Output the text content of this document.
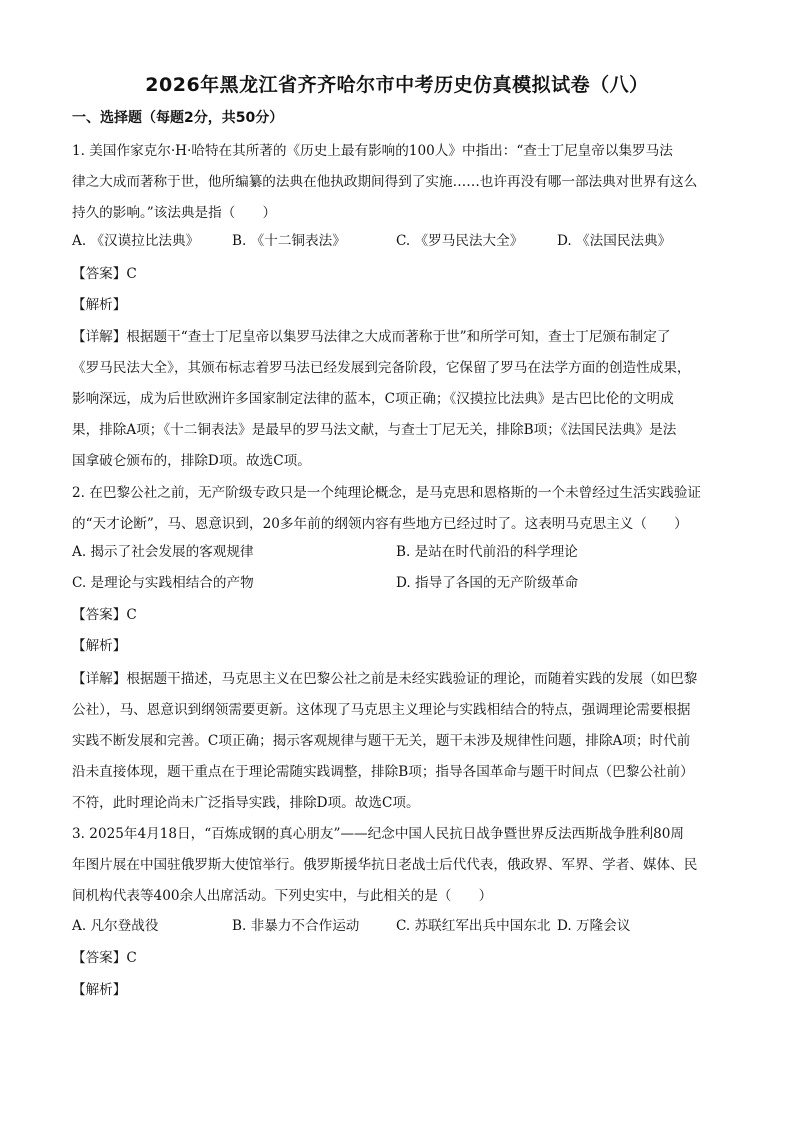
2026年黑龙江省齐齐哈尔市中考历史仿真模拟试卷（八）
一、选择题（每题2分，共50分）
1. 美国作家克尔·H·哈特在其所著的《历史上最有影响的100人》中指出：“查士丁尼皇帝以集罗马法
律之大成而著称于世，他所编纂的法典在他执政期间得到了实施……也许再没有哪一部法典对世界有这么
持久的影响。”该法典是指（　　）
A. 《汉谟拉比法典》 B. 《十二铜表法》	C. 《罗马民法大全》 D. 《法国民法典》
【答案】C
【解析】
【详解】根据题干“查士丁尼皇帝以集罗马法律之大成而著称于世”和所学可知，查士丁尼颁布制定了
《罗马民法大全》，其颁布标志着罗马法已经发展到完备阶段，它保留了罗马在法学方面的创造性成果，
影响深远，成为后世欧洲许多国家制定法律的蓝本，C项正确；《汉摸拉比法典》是古巴比伦的文明成
果，排除A项；《十二铜表法》是最早的罗马法文献，与查士丁尼无关，排除B项；《法国民法典》是法
国拿破仑颁布的，排除D项。故选C项。
2. 在巴黎公社之前，无产阶级专政只是一个纯理论概念，是马克思和恩格斯的一个未曾经过生活实践验证
的“天才论断”，马、恩意识到，20多年前的纲领内容有些地方已经过时了。这表明马克思主义（　　）
A. 揭示了社会发展的客观规律	B. 是站在时代前沿的科学理论
C. 是理论与实践相结合的产物	D. 指导了各国的无产阶级革命
【答案】C
【解析】
【详解】根据题干描述，马克思主义在巴黎公社之前是未经实践验证的理论，而随着实践的发展（如巴黎
公社），马、恩意识到纲领需要更新。这体现了马克思主义理论与实践相结合的特点，强调理论需要根据
实践不断发展和完善。C项正确；揭示客观规律与题干无关，题干未涉及规律性问题，排除A项；时代前
沿未直接体现，题干重点在于理论需随实践调整，排除B项；指导各国革命与题干时间点（巴黎公社前）
不符，此时理论尚未广泛指导实践，排除D项。故选C项。
3. 2025年4月18日，“百炼成钢的真心朋友”——纪念中国人民抗日战争暨世界反法西斯战争胜利80周
年图片展在中国驻俄罗斯大使馆举行。俄罗斯援华抗日老战士后代代表，俄政界、军界、学者、媒体、民
间机构代表等400余人出席活动。下列史实中，与此相关的是（　　）
A. 凡尔登战役	B. 非暴力不合作运动	C. 苏联红军出兵中国东北 D. 万隆会议
【答案】C
【解析】
